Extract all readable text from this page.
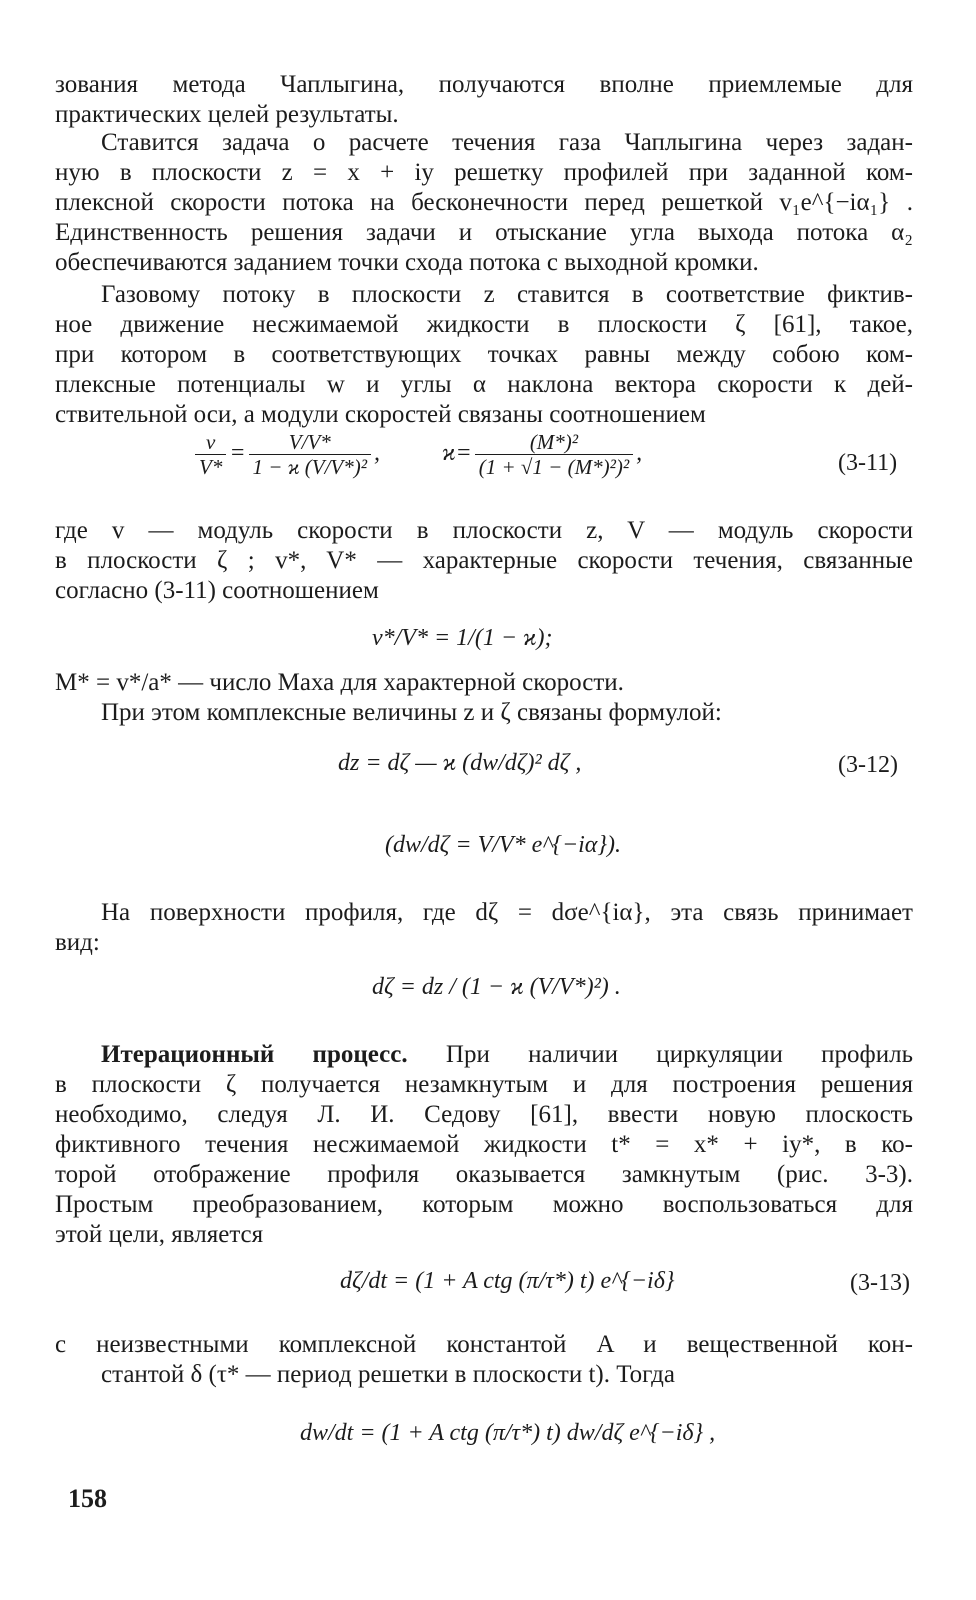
зования метода Чаплыгина, получаются вполне приемлемые для
практических целей результаты.

Ставится задача о расчете течения газа Чаплыгина через задан-
ную в плоскости z = x + iy решетку профилей при заданной ком-
плексной скорости потока на бесконечности перед решеткой v₁e^{−iα₁} .
Единственность решения задачи и отыскание угла выхода потока α₂
обеспечиваются заданием точки схода потока с выходной кромки.

Газовому потоку в плоскости z ставится в соответствие фиктив-
ное движение несжимаемой жидкости в плоскости ζ [61], такое,
при котором в соответствующих точках равны между собою ком-
плексные потенциалы w и углы α наклона вектора скорости к дей-
ствительной оси, а модули скоростей связаны соотношением

$\frac{v}{V*} = \frac{V/V*}{\text{1 − ϰ (V/V*)²}}$ ,  $ϰ= \frac{\text{(M*)²}}{\text{(1 + √1 − (M*)²)²}}$ ,	(3-11)

где v — модуль скорости в плоскости z, V — модуль скорости
в плоскости ζ ; v*, V* — характерные скорости течения, связанные
согласно (3-11) соотношением

v*/V* = 1/(1 − ϰ);

M* = v*/a* — число Маха для характерной скорости.

При этом комплексные величины z и ζ связаны формулой:

dz = dζ — ϰ (dw/dζ)² dζ ,
(dw/dζ = V/V* e^{−iα}).
(3-12)

На поверхности профиля, где dζ = dσe^{iα}, эта связь принимает
вид:

dζ = dz / (1 − ϰ (V/V*)²) .

Итерационный процесс. При наличии циркуляции профиль
в плоскости ζ получается незамкнутым и для построения решения
необходимо, следуя Л. И. Седову [61], ввести новую плоскость
фиктивного течения несжимаемой жидкости t* = x* + iy*, в ко-
торой отображение профиля оказывается замкнутым (рис. 3-3).
Простым преобразованием, которым можно воспользоваться для
этой цели, является

dζ/dt = (1 + A ctg (π/τ*) t) e^{−iδ}	(3-13)

с неизвестными комплексной константой A и вещественной кон-
стантой δ (τ* — период решетки в плоскости t). Тогда

dw/dt = (1 + A ctg (π/τ*) t) dw/dζ e^{−iδ} ,
158
